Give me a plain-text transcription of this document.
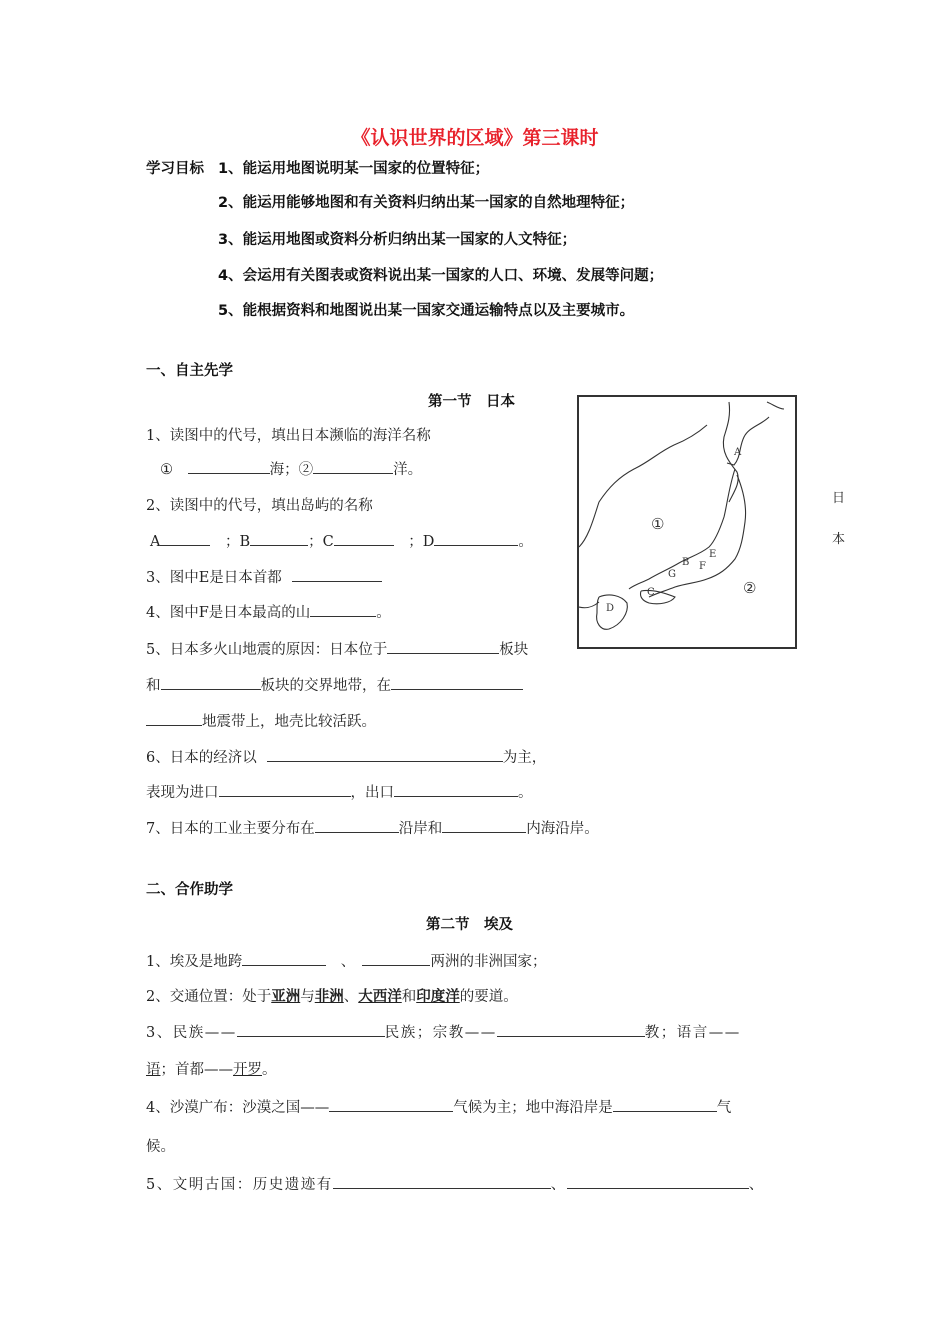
《认识世界的区域》第三课时
学习目标 1、能运用地图说明某一国家的位置特征；
2、能运用能够地图和有关资料归纳出某一国家的自然地理特征；
3、能运用地图或资料分析归纳出某一国家的人文特征；
4、会运用有关图表或资料说出某一国家的人口、环境、发展等问题；
5、能根据资料和地图说出某一国家交通运输特点以及主要城市。
一、自主先学
第一节　日本
1、读图中的代号，填出日本濒临的海洋名称
①	海；②	洋。
2、读图中的代号，填出岛屿的名称
A　	；B	；C　	；D	。
3、图中E是日本首都
4、图中F是日本最高的山	。
5、日本多火山地震的原因：日本位于	板块
和	板块的交界地带，在
地震带上，地壳比较活跃。
6、日本的经济以	为主，
表现为进口	，出口	。
7、日本的工业主要分布在	沿岸和	内海沿岸。
A
B
C
D
E
F
G
①
②
日
本
二、合作助学
第二节　埃及
1、埃及是地跨　	、　	两洲的非洲国家；
2、交通位置：处于亚洲与非洲、大西洋和印度洋的要道。
3、民族——	民族；宗教——	教；语言——
语；首都——开罗。
4、沙漠广布：沙漠之国——	气候为主；地中海沿岸是	气
候。
5、文明古国：历史遗迹有	、	、
